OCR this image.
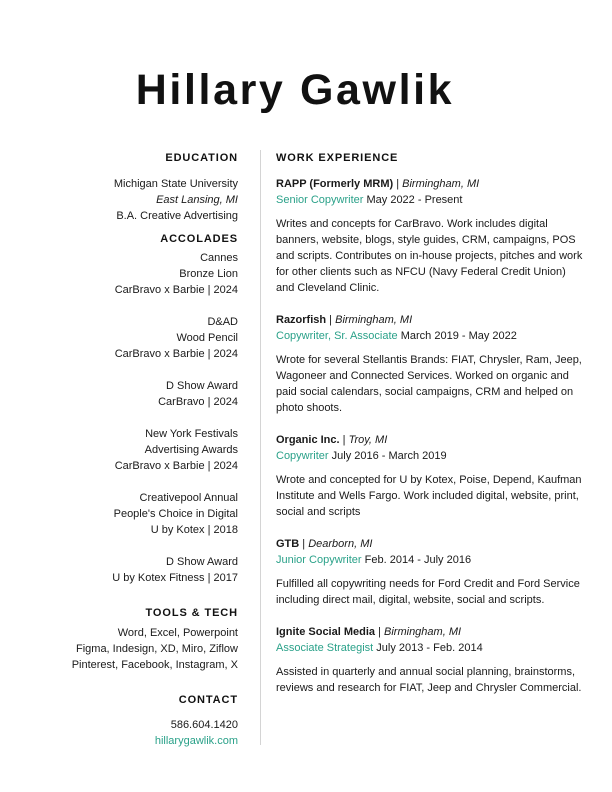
Hillary Gawlik
EDUCATION
Michigan State University
East Lansing, MI
B.A. Creative Advertising
ACCOLADES
Cannes
Bronze Lion
CarBravo x Barbie | 2024
D&AD
Wood Pencil
CarBravo x Barbie | 2024
D Show Award
CarBravo | 2024
New York Festivals
Advertising Awards
CarBravo x Barbie | 2024
Creativepool Annual
People's Choice in Digital
U by Kotex | 2018
D Show Award
U by Kotex Fitness | 2017
TOOLS & TECH
Word, Excel, Powerpoint
Figma, Indesign, XD, Miro, Ziflow
Pinterest, Facebook, Instagram, X
CONTACT
586.604.1420
hillarygawlik.com
WORK EXPERIENCE
RAPP (Formerly MRM) | Birmingham, MI
Senior Copywriter May 2022 - Present
Writes and concepts for CarBravo. Work includes digital banners, website, blogs, style guides, CRM, campaigns, POS and scripts. Contributes on in-house projects, pitches and work for other clients such as NFCU (Navy Federal Credit Union) and Cleveland Clinic.
Razorfish | Birmingham, MI
Copywriter, Sr. Associate March 2019 - May 2022
Wrote for several Stellantis Brands: FIAT, Chrysler, Ram, Jeep, Wagoneer and Connected Services. Worked on organic and paid social calendars, social campaigns, CRM and helped on photo shoots.
Organic Inc. | Troy, MI
Copywriter July 2016 - March 2019
Wrote and concepted for U by Kotex, Poise, Depend, Kaufman Institute and Wells Fargo. Work included digital, website, print, social and scripts
GTB | Dearborn, MI
Junior Copywriter Feb. 2014 - July 2016
Fulfilled all copywriting needs for Ford Credit and Ford Service including direct mail, digital, website, social and scripts.
Ignite Social Media | Birmingham, MI
Associate Strategist July 2013 - Feb. 2014
Assisted in quarterly and annual social planning, brainstorms, reviews and research for FIAT, Jeep and Chrysler Commercial.
